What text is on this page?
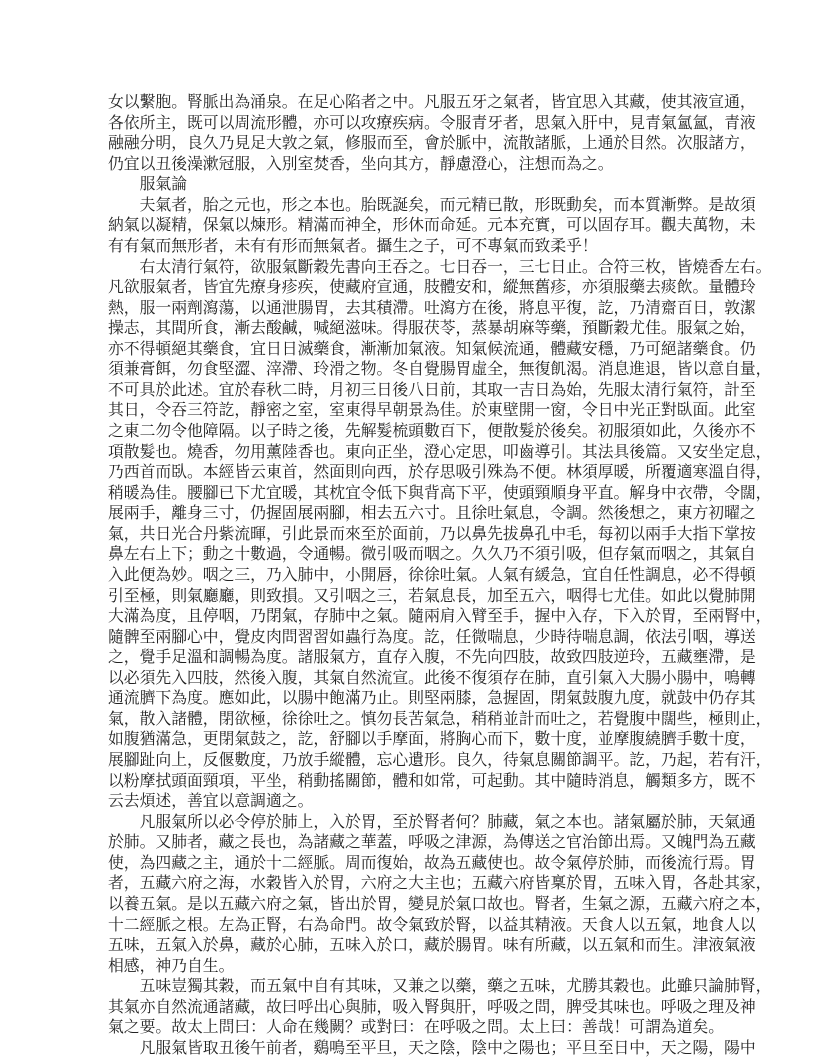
女以繫胞。腎脈出為涌泉。在足心陷者之中。凡服五牙之氣者，皆宜思入其藏，使其液宣通，
各依所主，既可以周流形體，亦可以攻療疾病。令服青牙者，思氣入肝中，見青氣氳氳，青液
融融分明，良久乃見足大敦之氣，修服而至，會於脈中，流散諸脈，上通於目然。次服諸方，
仍宜以丑後澡漱冠服，入別室焚香，坐向其方，靜慮澄心，注想而為之。
服氣論
夫氣者，胎之元也，形之本也。胎既誕矣，而元精已散，形既動矣，而本質漸弊。是故須
納氣以凝精，保氣以煉形。精滿而神全，形休而命延。元本充實，可以固存耳。觀夫萬物，未
有有氣而無形者，未有有形而無氣者。攝生之子，可不專氣而致柔乎！
右太清行氣符，欲服氣斷穀先書向王吞之。七日吞一，三七日止。合符三枚，皆燒香左右。
凡欲服氣者，皆宜先療身疹疾，使藏府宣通，肢體安和，縱無舊疹，亦須服藥去痰飲。量體玲
熱，服一兩劑瀉蕩，以通泄腸胃，去其積滯。吐瀉方在後，將息平復，訖，乃清齋百日，敦潔
操志，其間所食，漸去酸鹹，喊絕滋味。得服茯苓，蒸暴胡麻等藥，預斷穀尤佳。服氣之始，
亦不得頓絕其藥食，宜日日滅藥食，漸漸加氣液。知氣候流通，體藏安穩，乃可絕諸藥食。仍
須兼膏餌，勿食堅澀、滓滯、玲滑之物。冬自覺腸胃虛全，無復飢渴。消息進退，皆以意自量，
不可具於此述。宜於春秋二時，月初三日後八日前，其取一吉日為始，先服太清行氣符，計至
其日，令吞三符訖，靜密之室，室東得早朝景為佳。於東壁開一窗，令日中光正對臥面。此室
之東二勿令他障隔。以子時之後，先解髮梳頭數百下，便散髮於後矣。初服須如此，久後亦不
項散髮也。燒香，勿用薰陸香也。東向正坐，澄心定思，叩齒導引。其法具後篇。又安坐定息，
乃西首而臥。本經皆云東首，然面則向西，於存思吸引殊為不便。林須厚暖，所覆適寒溫自得，
稍暖為佳。腰腳已下尤宜暖，其枕宜令低下與背高下平，使頭頸順身平直。解身中衣帶，令闊，
展兩手，離身三寸，仍握固展兩腳，相去五六寸。且徐吐氣息，令調。然後想之，東方初曜之
氣，共日光合丹紫流暉，引此景而來至於面前，乃以鼻先拔鼻孔中毛，每初以兩手大指下掌按
鼻左右上下；動之十數過，令通暢。微引吸而咽之。久久乃不須引吸，但存氣而咽之，其氣自
入此便為妙。咽之三，乃入肺中，小開唇，徐徐吐氣。人氣有緩急，宜自任性調息，必不得頓
引至極，則氣廳廳，則致損。又引咽之三，若氣息長，加至五六，咽得七尤佳。如此以覺肺開
大滿為度，且停咽，乃閉氣，存肺中之氣。隨兩肩入臂至手，握中入存，下入於胃，至兩腎中，
隨髀至兩腳心中，覺皮肉問習習如蟲行為度。訖，任微喘息，少時待喘息調，依法引咽，導送
之，覺手足溫和調暢為度。諸服氣方，直存入腹，不先向四肢，故致四肢逆玲，五藏壅滯，是
以必須先入四肢，然後入腹，其氣自然流宣。此後不復須存在肺，直引氣入大腸小腸中，鳴轉
通流臍下為度。應如此，以腸中飽滿乃止。則堅兩膝，急握固，閉氣鼓腹九度，就鼓中仍存其
氣，散入諸體，閉欲極，徐徐吐之。慎勿長苦氣急，稍稍並計而吐之，若覺腹中闊些，極則止，
如腹猶滿急，更閉氣鼓之，訖，舒腳以手摩面，將胸心而下，數十度，並摩腹繞臍手數十度，
展腳趾向上，反偃數度，乃放手縱體，忘心遺形。良久，待氣息關節調平。訖，乃起，若有汗，
以粉摩拭頭面頸項，平坐，稍動搖關節，體和如常，可起動。其中隨時消息，觸類多方，既不
云去煩述，善宜以意調適之。
凡服氣所以必令停於肺上，入於胃，至於腎者何？肺藏，氣之本也。諸氣屬於肺，天氣通
於肺。又肺者，藏之長也，為諸藏之華蓋，呼吸之津源，為傳送之官治節出焉。又魄門為五藏
使，為四藏之主，通於十二經脈。周而復始，故為五藏使也。故令氣停於肺，而後流行焉。胃
者，五藏六府之海，水穀皆入於胃，六府之大主也；五藏六府皆稟於胃，五味入胃，各赴其家，
以養五氣。是以五藏六府之氣，皆出於胃，變見於氣口故也。腎者，生氣之源，五藏六府之本，
十二經脈之根。左為正腎，右為命門。故令氣致於腎，以益其精液。天食人以五氣，地食人以
五味，五氣入於鼻，藏於心肺，五味入於口，藏於腸胃。味有所藏，以五氣和而生。津液氣液
相感，神乃自生。
五味豈獨其穀，而五氣中自有其味，又兼之以藥，藥之五味，尤勝其穀也。此雖只論肺腎，
其氣亦自然流通諸藏，故曰呼出心與肺，吸入腎與肝，呼吸之問，脾受其味也。呼吸之理及神
氣之要。故太上問曰：人命在幾闕？或對曰：在呼吸之問。太上曰：善哉！可謂為道矣。
凡服氣皆取丑後午前者，鷄鳴至平旦，天之陰，陰中之陽也；平旦至日中，天之陽，陽中
